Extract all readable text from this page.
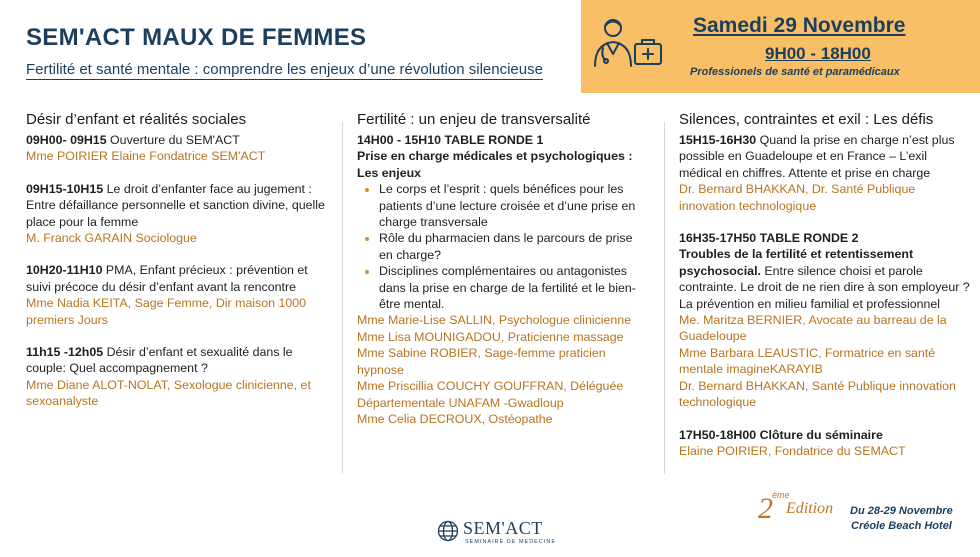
SEM'ACT MAUX DE FEMMES
Fertilité et santé mentale : comprendre les enjeux d’une révolution silencieuse
Samedi 29 Novembre
9H00 - 18H00
Professionels de santé et paramédicaux
Désir d’enfant et réalités sociales
09H00- 09H15 Ouverture du SEM'ACT
Mme POIRIER Elaine Fondatrice SEM'ACT
09H15-10H15 Le droit d’enfanter face au jugement : Entre défaillance personnelle et sanction divine, quelle place pour la femme
M. Franck GARAIN Sociologue
10H20-11H10 PMA, Enfant précieux : prévention et suivi précoce du désir d’enfant avant la rencontre
Mme Nadia KEITA, Sage Femme, Dir maison 1000 premiers Jours
11h15 -12h05 Désir d’enfant et sexualité dans le couple: Quel accompagnement ?
Mme Diane ALOT-NOLAT, Sexologue clinicienne, et sexoanalyste
Fertilité : un enjeu de transversalité
14H00 - 15H10 TABLE RONDE 1
Prise en charge médicales et psychologiques : Les enjeux
• Le corps et l’esprit : quels bénéfices pour les patients d’une lecture croisée et d’une prise en charge transversale
• Rôle du pharmacien dans le parcours de prise en charge?
• Disciplines complémentaires ou antagonistes dans la prise en charge de la fertilité et le bien-être mental.
Mme Marie-Lise SALLIN, Psychologue clinicienne
Mme Lisa MOUNIGADOU, Praticienne massage
Mme Sabine ROBIER, Sage-femme praticien hypnose
Mme Priscillia COUCHY GOUFFRAN, Déléguée Départementale UNAFAM -Gwadloup
Mme Celia DECROUX, Ostéopathe
Silences, contraintes et exil : Les défis
15H15-16H30 Quand la prise en charge n’est plus possible en Guadeloupe et en France – L’exil médical en chiffres. Attente et prise en charge
Dr. Bernard BHAKKAN, Dr. Santé Publique innovation technologique
16H35-17H50 TABLE RONDE 2
Troubles de la fertilité et retentissement psychosocial. Entre silence choisi et parole contrainte. Le droit de ne rien dire à son employeur ? La prévention en milieu familial et professionnel
Me. Maritza BERNIER, Avocate au barreau de la Guadeloupe
Mme Barbara LEAUSTIC, Formatrice en santé mentale imagineKARAYIB
Dr. Bernard BHAKKAN, Santé Publique innovation technologique
17H50-18H00 Clôture du séminaire
Elaine POIRIER, Fondatrice du SEMACT
SEM'ACT
SEMINAIRE DE MEDECINE
2 ème
Edition Du 28-29 Novembre
Créole Beach Hotel
